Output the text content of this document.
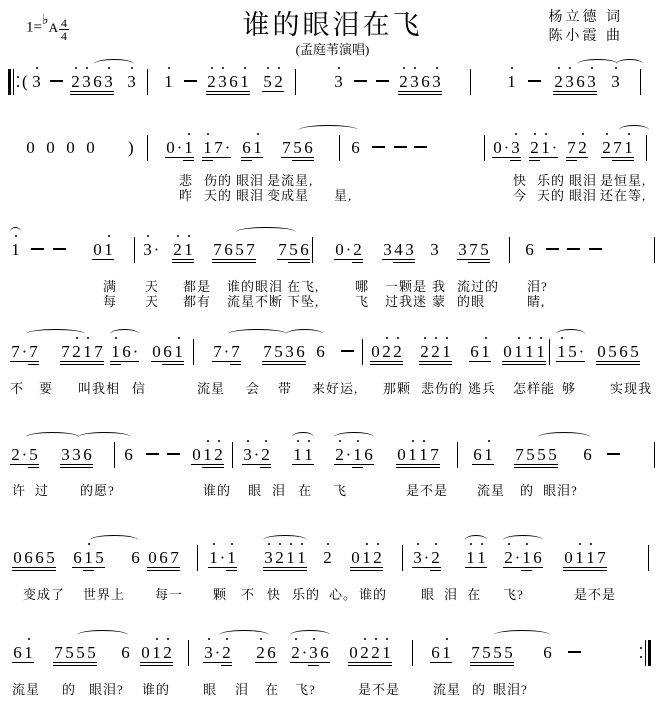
1=♭A $\frac{4}{4}$	谁的眼泪在飞
(孟庭苇演唱)
杨立德 词
陈小霞 曲
( 3 2 3 6 3 3 1 2 3 6 1 5 2	3	2 3 6 3	1 2 3 6 3 3
0 0 0 0 ) 0 · 1 1 7 · 6 1 7 5 6 6	0 · 3 2 1 · 7 2 2 7 1
悲 伤的 眼泪 是流星,	快 乐的 眼泪 是恒星,
昨 天的 眼泪 变成星 星,	今 天的 眼泪 还在等,
1	0 1 3 · 2 1 7 6 5 7 7 5 6 0 · 2 3 4 3 3 3 7 5 6
满 天 都是 谁的眼泪 在飞,	哪 一颗是 我 流过的 泪?
每 天 都有 流星不断 下坠,	飞 过我迷 蒙 的眼	睛,
7 · 7 7 2 1 7 1 6 · 0 6 1 7 · 7 7 5 3 6 6	0 2 2 2 2 1 6 1 0 1 1 1 1 5 · 0 5 6 5
不 要 叫我相 信	流星 会 带 来好运, 那颗 悲伤的 逃兵 怎样能 够	实现我
2 · 5 3 3 6 6	0 1 2 3 · 2 1 1 2 · 1 6 0 1 1 7 6 1 7 5 5 5 6
许 过 的愿?	谁的 眼 泪 在 飞	是不是 流星 的 眼泪?
0 6 6 5 6 1 5 6 0 6 7 1 · 1 3 2 1 1 2 0 1 2 3 · 2 1 1 2 · 1 6 0 1 1 7
变成了 世界上 每一 颗 不 快 乐的 心。 谁的	眼 泪 在 飞?	是不是
6 1 7 5 5 5 6 0 1 2 3 · 2 2 6 2 · 3 6 0 2 2 1 6 1 7 5 5 5 6
流星 的 眼泪? 谁的	眼 泪 在 飞?	是不是	流星 的 眼泪?
